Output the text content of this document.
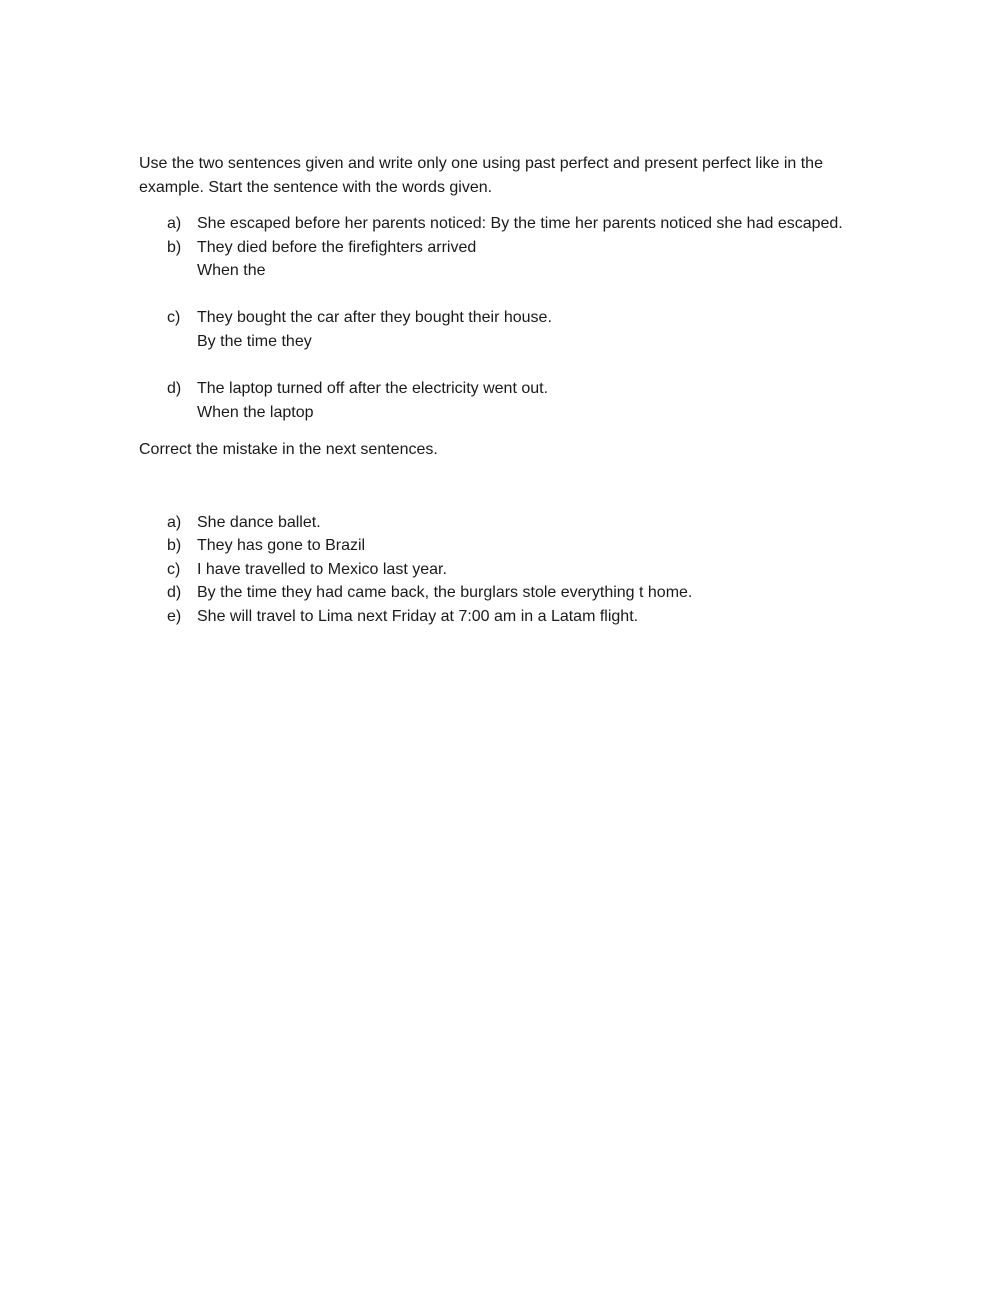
Use the two sentences given and write only one using past perfect and present perfect like in the example. Start the sentence with the words given.

a) She escaped before her parents noticed: By the time her parents noticed she had escaped.
b) They died before the firefighters arrived
When the
c)	They bought the car after they bought their house.
By the time they
d) The laptop turned off after the electricity went out.
When the laptop

Correct the mistake in the next sentences.

a) She dance ballet.
b) They has gone to Brazil
c)	I have travelled to Mexico last year.
d) By the time they had came back, the burglars stole everything t home.
e) She will travel to Lima next Friday at 7:00 am in a Latam flight.
